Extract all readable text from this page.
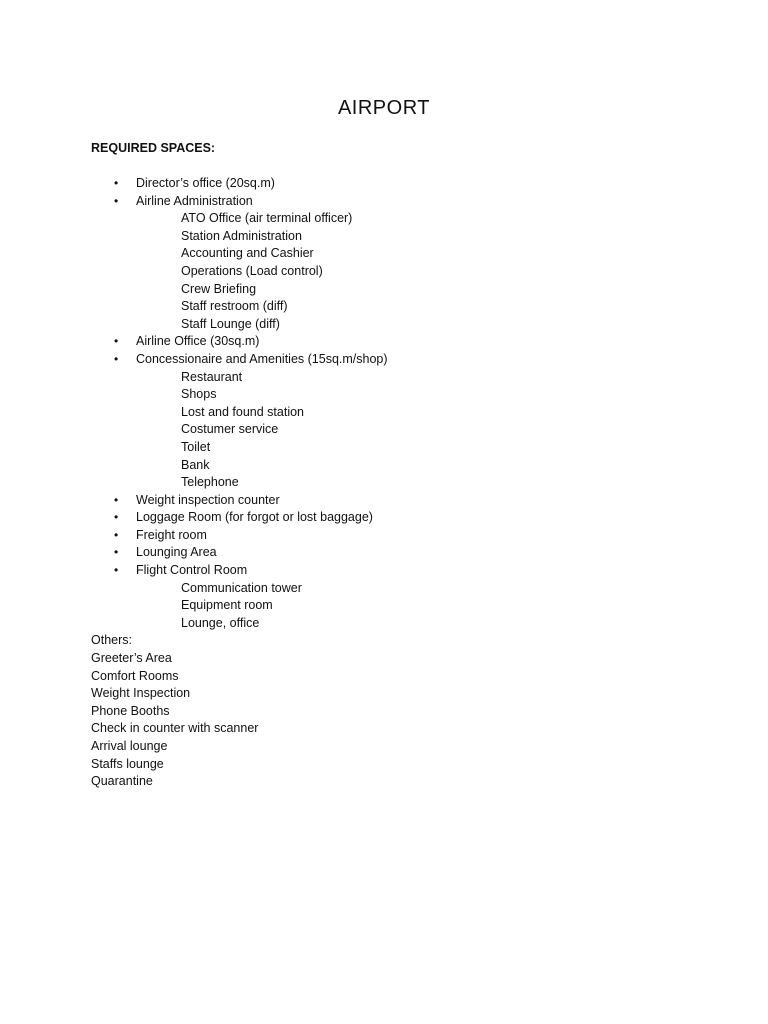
AIRPORT
REQUIRED SPACES:
• Director’s office (20sq.m)
• Airline Administration
ATO Office (air terminal officer)
Station Administration
Accounting and Cashier
Operations (Load control)
Crew Briefing
Staff restroom (diff)
Staff Lounge (diff)
• Airline Office (30sq.m)
• Concessionaire and Amenities (15sq.m/shop)
Restaurant
Shops
Lost and found station
Costumer service
Toilet
Bank
Telephone
• Weight inspection counter
• Loggage Room (for forgot or lost baggage)
• Freight room
• Lounging Area
• Flight Control Room
Communication tower
Equipment room
Lounge, office
Others:
Greeter’s Area
Comfort Rooms
Weight Inspection
Phone Booths
Check in counter with scanner
Arrival lounge
Staffs lounge
Quarantine
